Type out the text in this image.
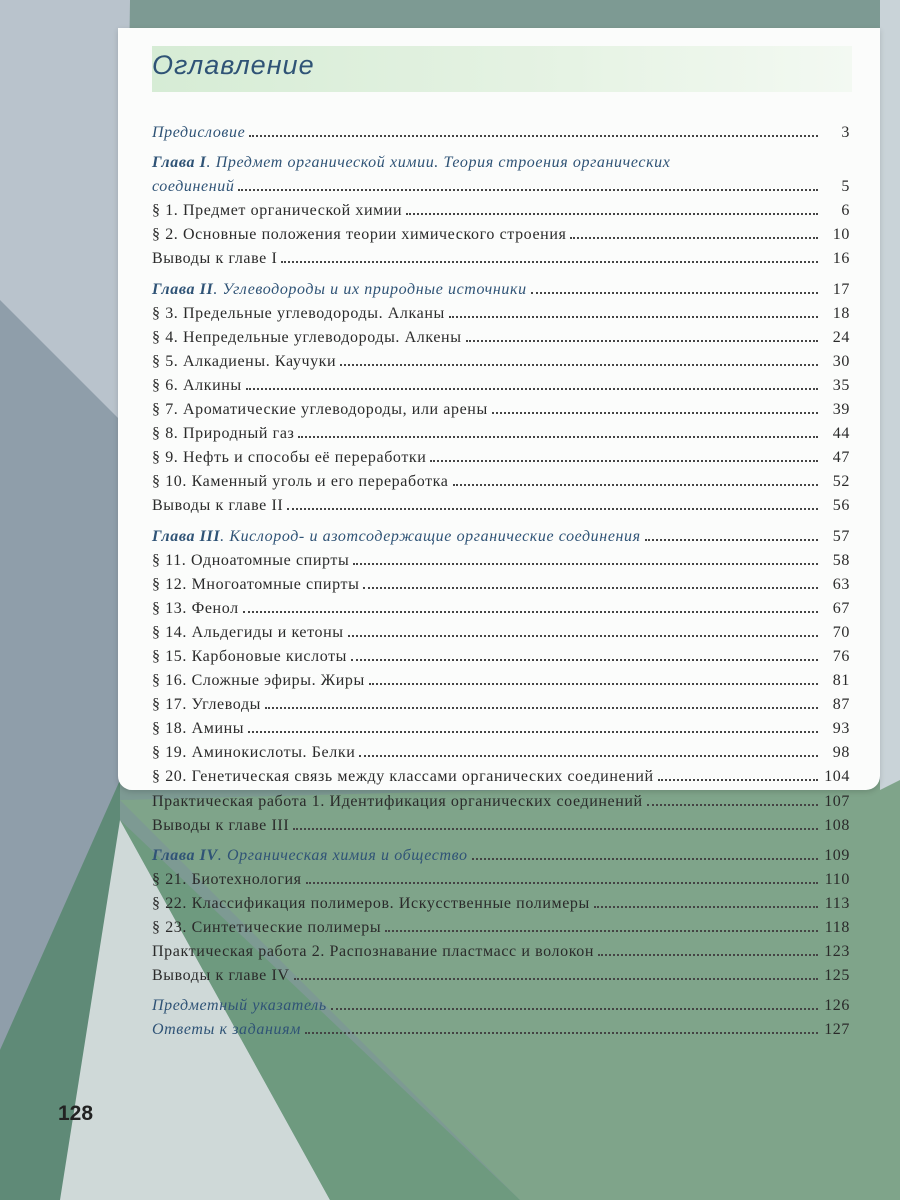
Оглавление
Предисловие	3
Глава I. Предмет органической химии. Теория строения органических
соединений	5
§ 1. Предмет органической химии	6
§ 2. Основные положения теории химического строения	10
Выводы к главе I	16
Глава II. Углеводороды и их природные источники	17
§ 3. Предельные углеводороды. Алканы	18
§ 4. Непредельные углеводороды. Алкены	24
§ 5. Алкадиены. Каучуки	30
§ 6. Алкины	35
§ 7. Ароматические углеводороды, или арены	39
§ 8. Природный газ	44
§ 9. Нефть и способы её переработки	47
§ 10. Каменный уголь и его переработка	52
Выводы к главе II	56
Глава III. Кислород- и азотсодержащие органические соединения	57
§ 11. Одноатомные спирты	58
§ 12. Многоатомные спирты	63
§ 13. Фенол	67
§ 14. Альдегиды и кетоны	70
§ 15. Карбоновые кислоты	76
§ 16. Сложные эфиры. Жиры	81
§ 17. Углеводы	87
§ 18. Амины	93
§ 19. Аминокислоты. Белки	98
§ 20. Генетическая связь между классами органических соединений	104
Практическая работа 1. Идентификация органических соединений	107
Выводы к главе III	108
Глава IV. Органическая химия и общество	109
§ 21. Биотехнология	110
§ 22. Классификация полимеров. Искусственные полимеры	113
§ 23. Синтетические полимеры	118
Практическая работа 2. Распознавание пластмасс и волокон	123
Выводы к главе IV	125
Предметный указатель	126
Ответы к заданиям	127
128
